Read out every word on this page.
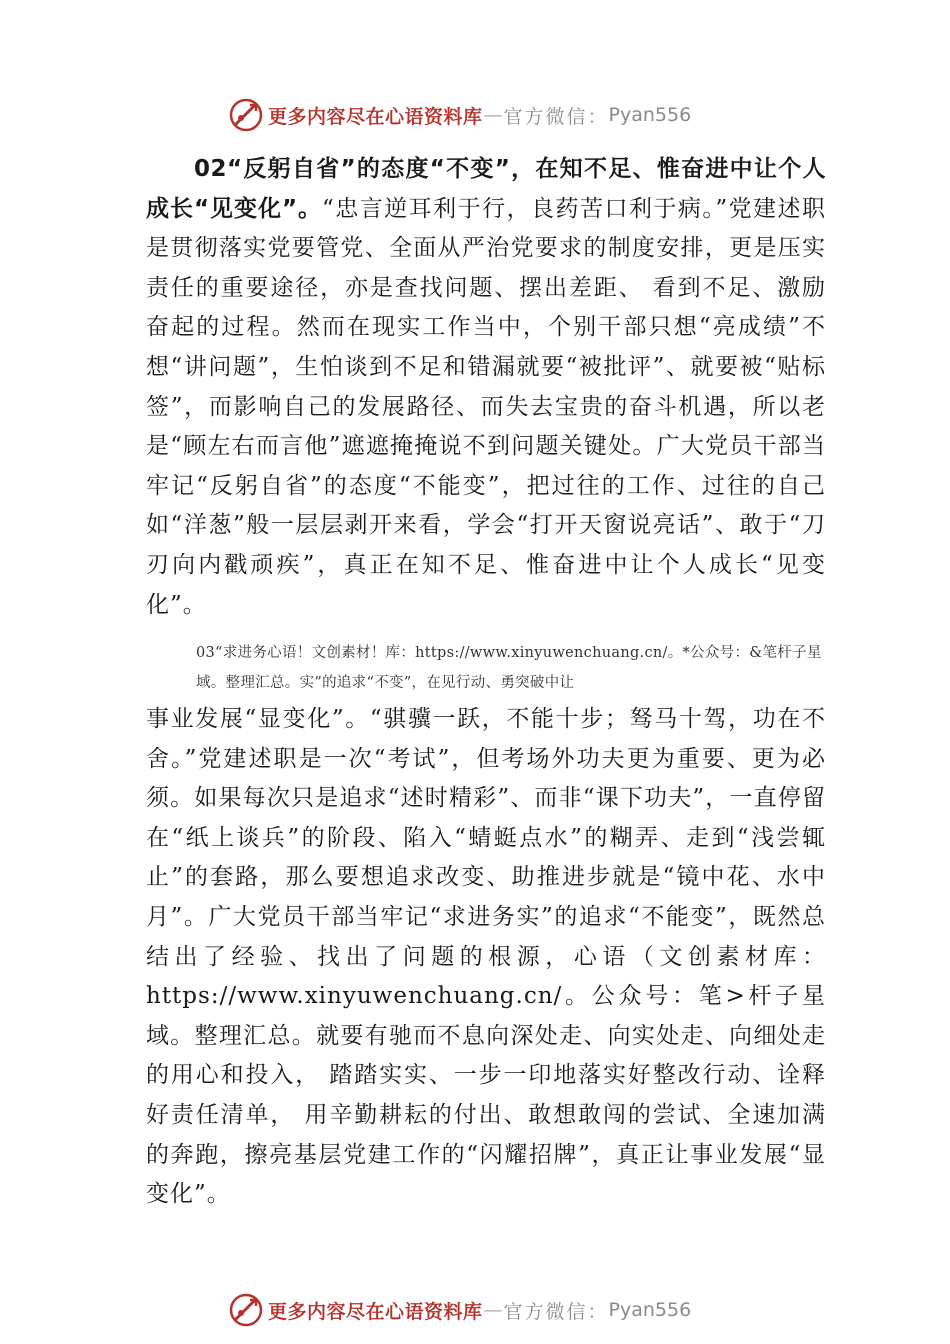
更多内容尽在心语资料库 — 官方微信： Pyan556
02“反躬自省”的态度“不变”，在知不足、惟奋进中让个人成长“见变化”。“忠言逆耳利于行，良药苦口利于病。”党建述职是贯彻落实党要管党、全面从严治党要求的制度安排，更是压实责任的重要途径，亦是查找问题、摆出差距、 看到不足、激励奋起的过程。然而在现实工作当中，个别干部只想“亮成绩”不想“讲问题”，生怕谈到不足和错漏就要“被批评”、就要被“贴标签”，而影响自己的发展路径、而失去宝贵的奋斗机遇，所以老是“顾左右而言他”遮遮掩掩说不到问题关键处。广大党员干部当牢记“反躬自省”的态度“不能变”，把过往的工作、过往的自己如“洋葱”般一层层剥开来看，学会“打开天窗说亮话”、敢于“刀刃向内戳顽疾”，真正在知不足、惟奋进中让个人成长“见变化”。
03“求进务心语！文创素材！库：https://www.xinyuwenchuang.cn/。*公众号：&笔杆子星域。整理汇总。实”的追求“不变”，在见行动、勇突破中让
事业发展“显变化”。“骐骥一跃，不能十步；驽马十驾，功在不舍。”党建述职是一次“考试”，但考场外功夫更为重要、更为必须。如果每次只是追求“述时精彩”、而非“课下功夫”，一直停留在“纸上谈兵”的阶段、陷入“蜻蜓点水”的糊弄、走到“浅尝辄止”的套路，那么要想追求改变、助推进步就是“镜中花、水中月”。广大党员干部当牢记“求进务实”的追求“不能变”，既然总结出了经验、找出了问题的根源，心语（文创素材库：https://www.xinyuwenchuang.cn/。公众号：笔>杆子星域。整理汇总。就要有驰而不息向深处走、向实处走、向细处走的用心和投入， 踏踏实实、一步一印地落实好整改行动、诠释好责任清单， 用辛勤耕耘的付出、敢想敢闯的尝试、全速加满的奔跑，擦亮基层党建工作的“闪耀招牌”，真正让事业发展“显变化”。
更多内容尽在心语资料库 — 官方微信： Pyan556
